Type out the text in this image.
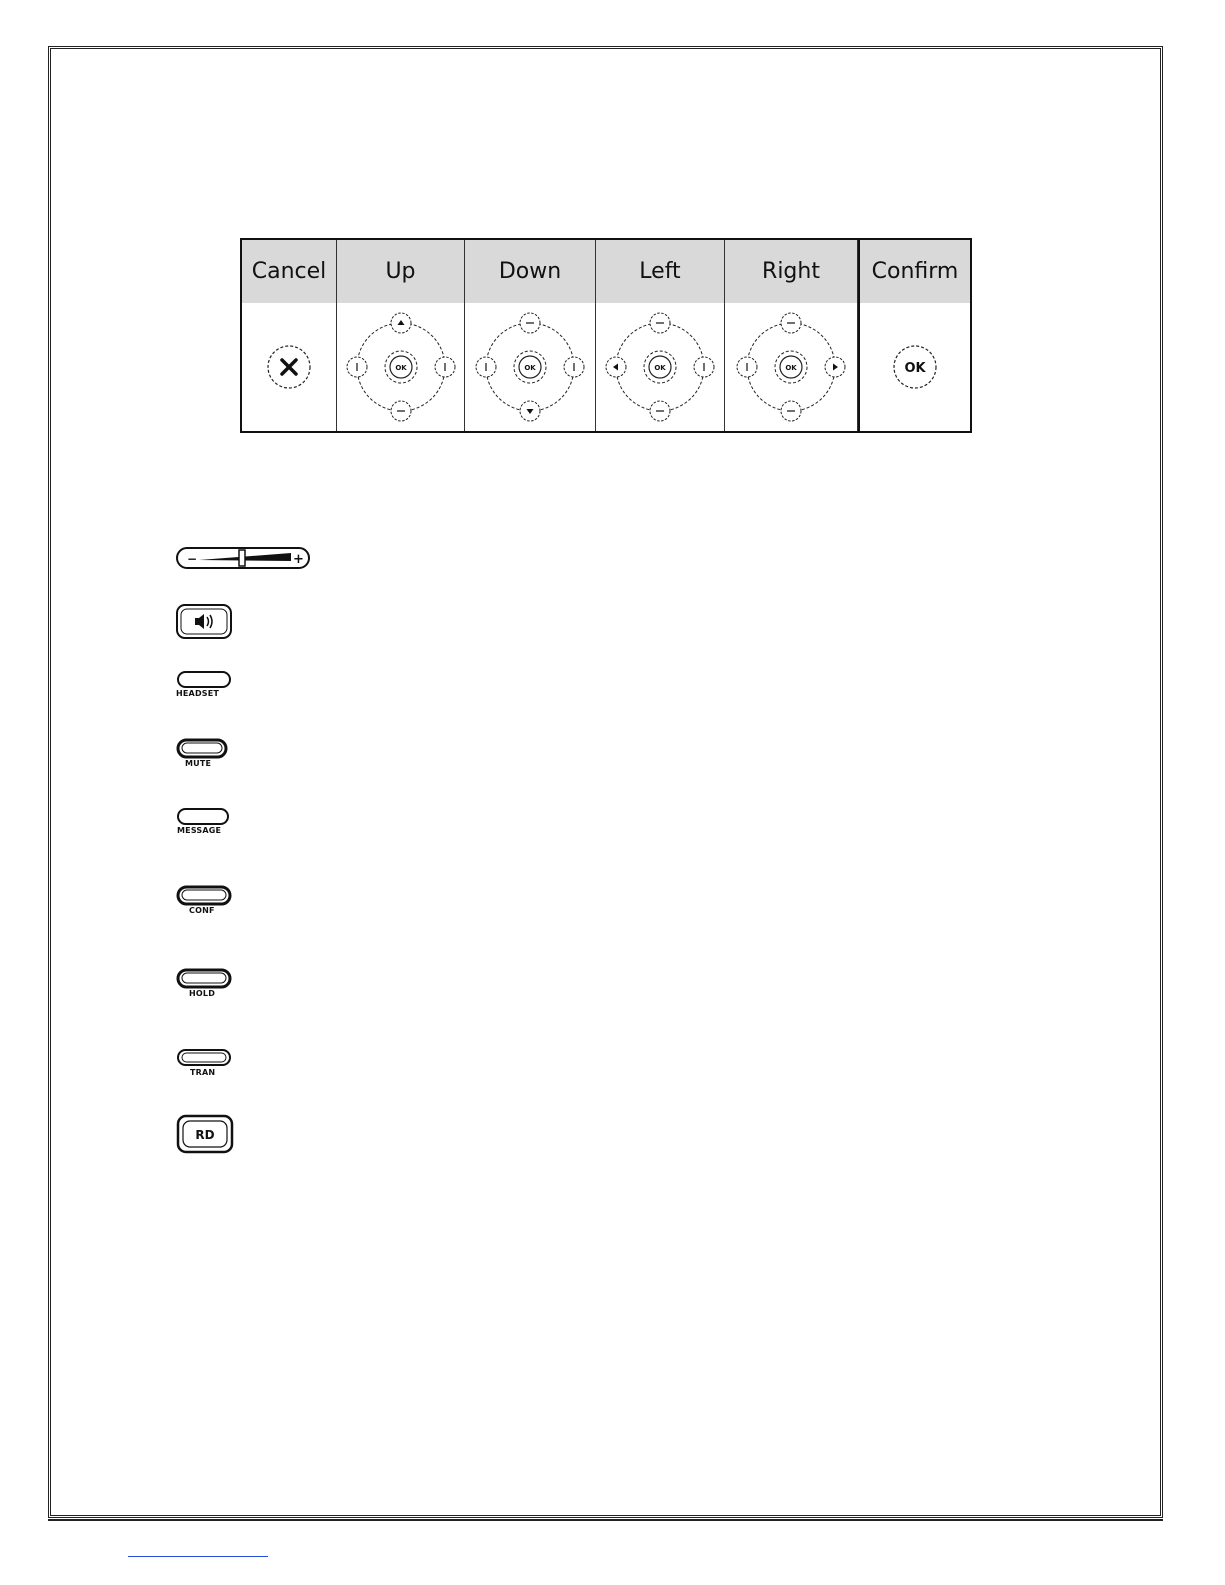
Cancel	Up
OK
Down
OK
Left
OK
Right
OK
Confirm
OK
−	+
HEADSET
MUTE
MESSAGE
CONF
HOLD
TRAN
RD
